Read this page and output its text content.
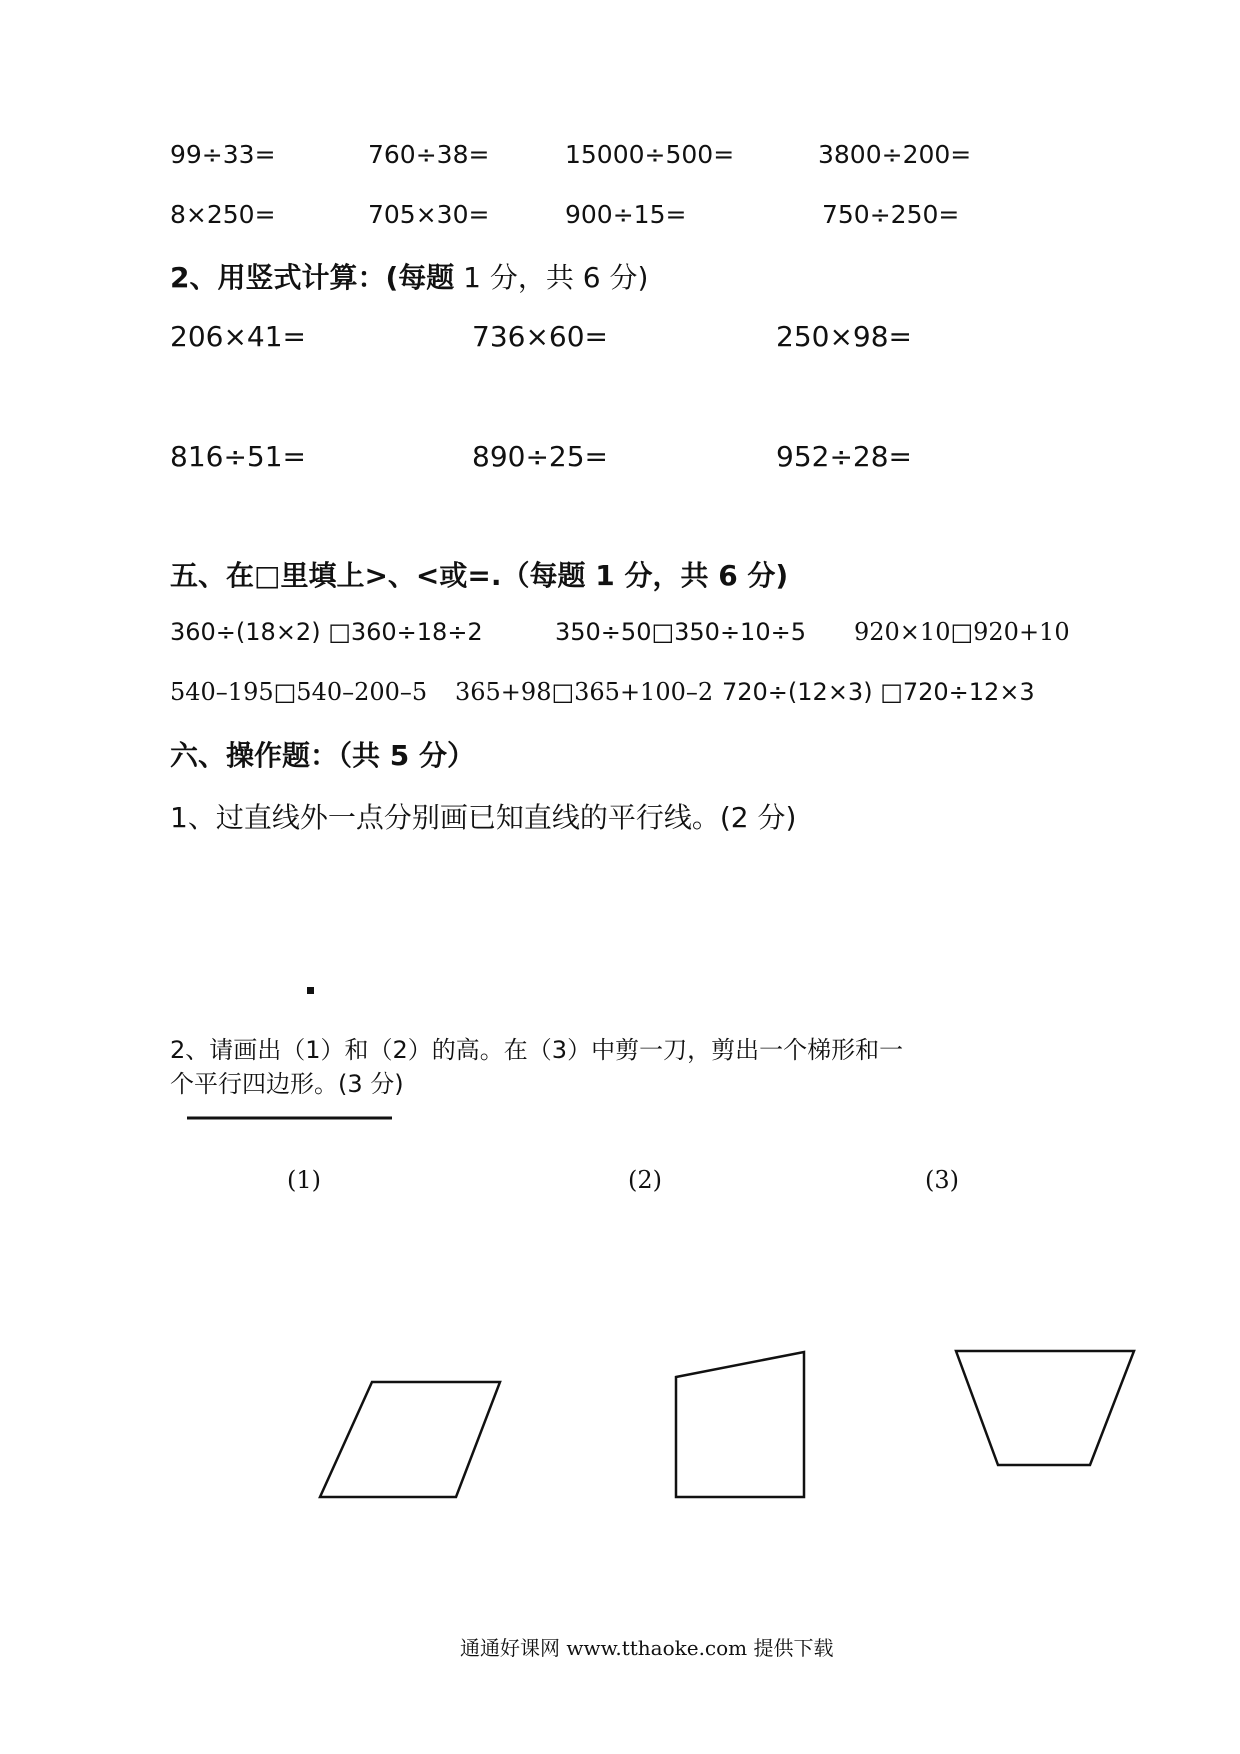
99÷33=	760÷38=	15000÷500=	3800÷200=
8×250=	705×30=	900÷15=	750÷250=
2、用竖式计算：(每题 1 分，共 6 分)
206×41=	736×60=	250×98=
816÷51=	890÷25=	952÷28=
五、在□里填上>、<或=.（每题 1 分，共 6 分)
360÷(18×2) □360÷18÷2	350÷50□350÷10÷5 920×10□920+10
540–195□540–200–5 365+98□365+100–2 720÷(12×3) □720÷12×3
六、操作题：（共 5 分）
1、过直线外一点分别画已知直线的平行线。(2 分)
2、请画出（1）和（2）的高。在（3）中剪一刀，剪出一个梯形和一
个平行四边形。(3 分)
(1)	(2)	(3)
通通好课网 www.tthaoke.com 提供下载
